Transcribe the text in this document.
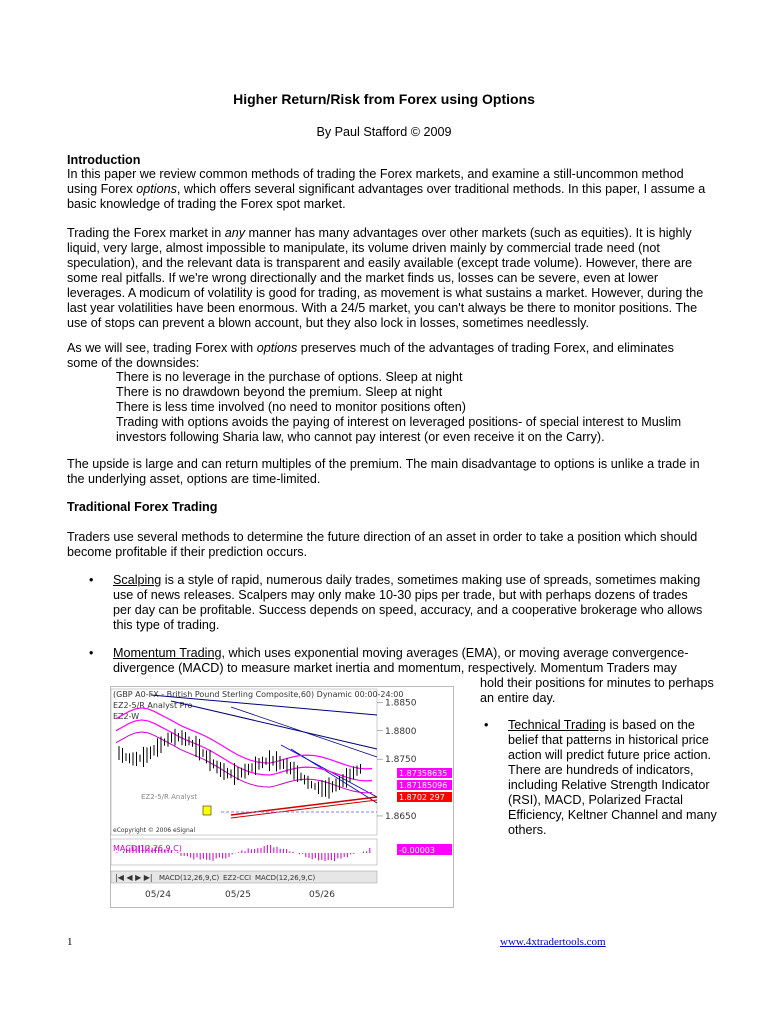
Higher Return/Risk from Forex using Options
By Paul Stafford © 2009
Introduction
In this paper we review common methods of trading the Forex markets, and examine a still-uncommon method using Forex options, which offers several significant advantages over traditional methods. In this paper, I assume a basic knowledge of trading the Forex spot market.
Trading the Forex market in any manner has many advantages over other markets (such as equities). It is highly liquid, very large, almost impossible to manipulate, its volume driven mainly by commercial trade need (not speculation), and the relevant data is transparent and easily available (except trade volume). However, there are some real pitfalls. If we're wrong directionally and the market finds us, losses can be severe, even at lower leverages. A modicum of volatility is good for trading, as movement is what sustains a market. However, during the last year volatilities have been enormous. With a 24/5 market, you can't always be there to monitor positions. The use of stops can prevent a blown account, but they also lock in losses, sometimes needlessly.
As we will see, trading Forex with options preserves much of the advantages of trading Forex, and eliminates some of the downsides:
There is no leverage in the purchase of options. Sleep at night
There is no drawdown beyond the premium. Sleep at night
There is less time involved (no need to monitor positions often)
Trading with options avoids the paying of interest on leveraged positions- of special interest to Muslim investors following Sharia law, who cannot pay interest (or even receive it on the Carry).
The upside is large and can return multiples of the premium. The main disadvantage to options is unlike a trade in the underlying asset, options are time-limited.
Traditional Forex Trading
Traders use several methods to determine the future direction of an asset in order to take a position which should become profitable if their prediction occurs.
• Scalping is a style of rapid, numerous daily trades, sometimes making use of spreads, sometimes making use of news releases. Scalpers may only make 10-30 pips per trade, but with perhaps dozens of trades per day can be profitable. Success depends on speed, accuracy, and a cooperative brokerage who allows this type of trading.
• Momentum Trading, which uses exponential moving averages (EMA), or moving average convergence-divergence (MACD) to measure market inertia and momentum, respectively. Momentum Traders may
hold their positions for minutes to perhaps an entire day.
• Technical Trading is based on the belief that patterns in historical price action will predict future price action. There are hundreds of indicators, including Relative Strength Indicator (RSI), MACD, Polarized Fractal Efficiency, Keltner Channel and many others.
(GBP A0-FX - British Pound Sterling Composite,60) Dynamic 00:00-24:00
EZ2-5/R Analyst Pro
EZ2-W
1.8850
1.8800
1.8750
1.8650
EZ2-5/R Analyst
eCopyright © 2006 eSignal
1.87358635
1.87185096
1.8702 297
MACD(12,26,9,C)	-0.00003
|◀ ◀ ▶ ▶| MACD(12,26,9,C) EZ2-CCI MACD(12,26,9,C)
05/24	05/25	05/26
1	www.4xtradertools.com
